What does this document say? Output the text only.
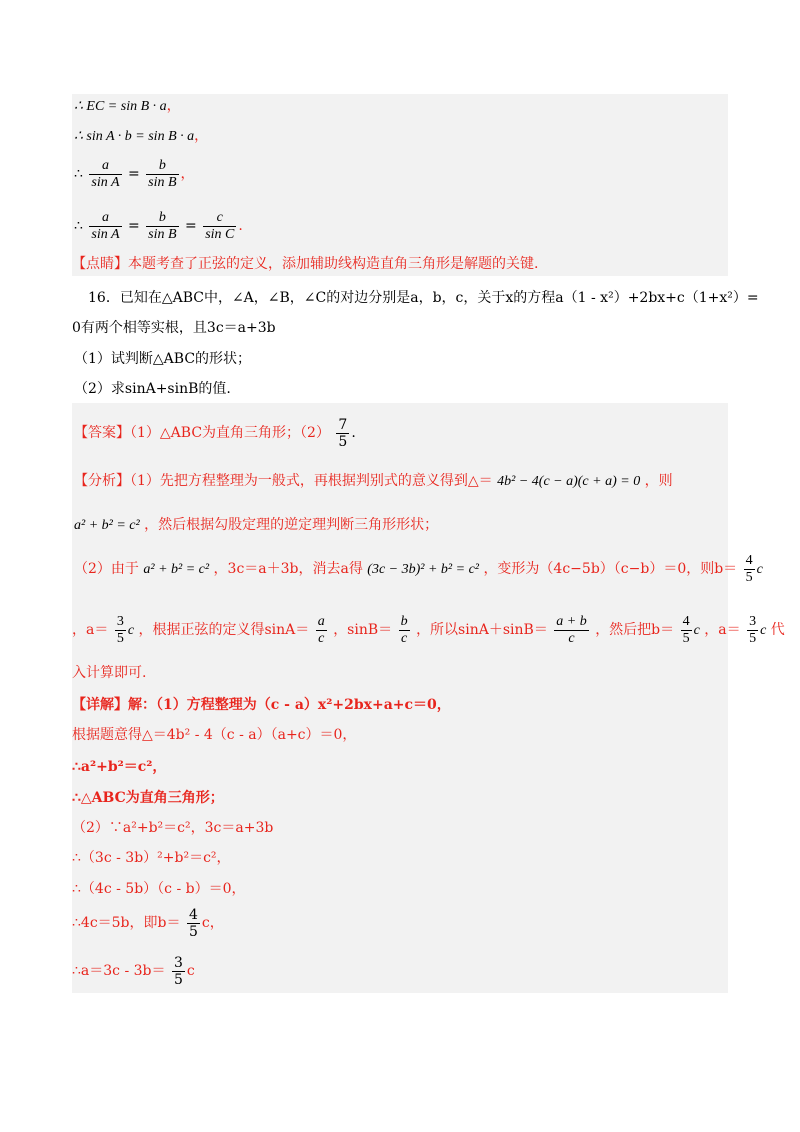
∴ EC = sin B · a，
∴ sin A · b = sin B · a，
∴ $\frac{a}{\text{sin A}} = \frac{b}{\text{sin B}}$ ，
∴ $\frac{a}{\text{sin A}} = \frac{b}{\text{sin B}} = \frac{c}{\text{sin C}}$ .
【点睛】本题考查了正弦的定义，添加辅助线构造直角三角形是解题的关键.
16．已知在△ABC中，∠A，∠B，∠C的对边分别是a，b，c，关于x的方程a（1 - x²）+2bx+c（1+x²）=
0有两个相等实根，且3c＝a+3b
（1）试判断△ABC的形状；
（2）求sinA+sinB的值.
【答案】（1）△ABC为直角三角形；$(2) \frac{7}{5}$ .
【分析】（1）先把方程整理为一般式，再根据判别式的意义得到△＝ 4b² − 4(c − a)(c + a) = 0 ，则
a² + b² = c² ，然后根据勾股定理的逆定理判断三角形形状；
（2）由于 a² + b² = c² ，3c＝a＋3b，消去a得 (3c − 3b)² + b² = c² ，变形为（4c−5b）（c−b）＝0，则$b= \frac{4}{5}$ c
，$a= \frac{3}{5}$ c ，根据正弦的定义得$\sin A= \frac{a}{c}$ ，$\sin B= \frac{b}{c}$ ，所以$\sin A+\sin B= \frac{a + b}{c}$ ，然后把$b= \frac{4}{5}$ c ，$a= \frac{3}{5}$ c 代
入计算即可.
【详解】解：（1）方程整理为（c - a）x²+2bx+a+c＝0，
根据题意得△＝4b² - 4（c - a）（a+c）＝0，
∴a²+b²＝c²，
∴△ABC为直角三角形；
（2）∵a²+b²＝c²，3c＝a+3b
∴（3c - 3b）²+b²＝c²，
∴（4c - 5b）（c - b）＝0，
∴4c＝5b，即$b= \frac{4}{5}$ c，
∴a＝3c - $3b= \frac{3}{5}$ c
